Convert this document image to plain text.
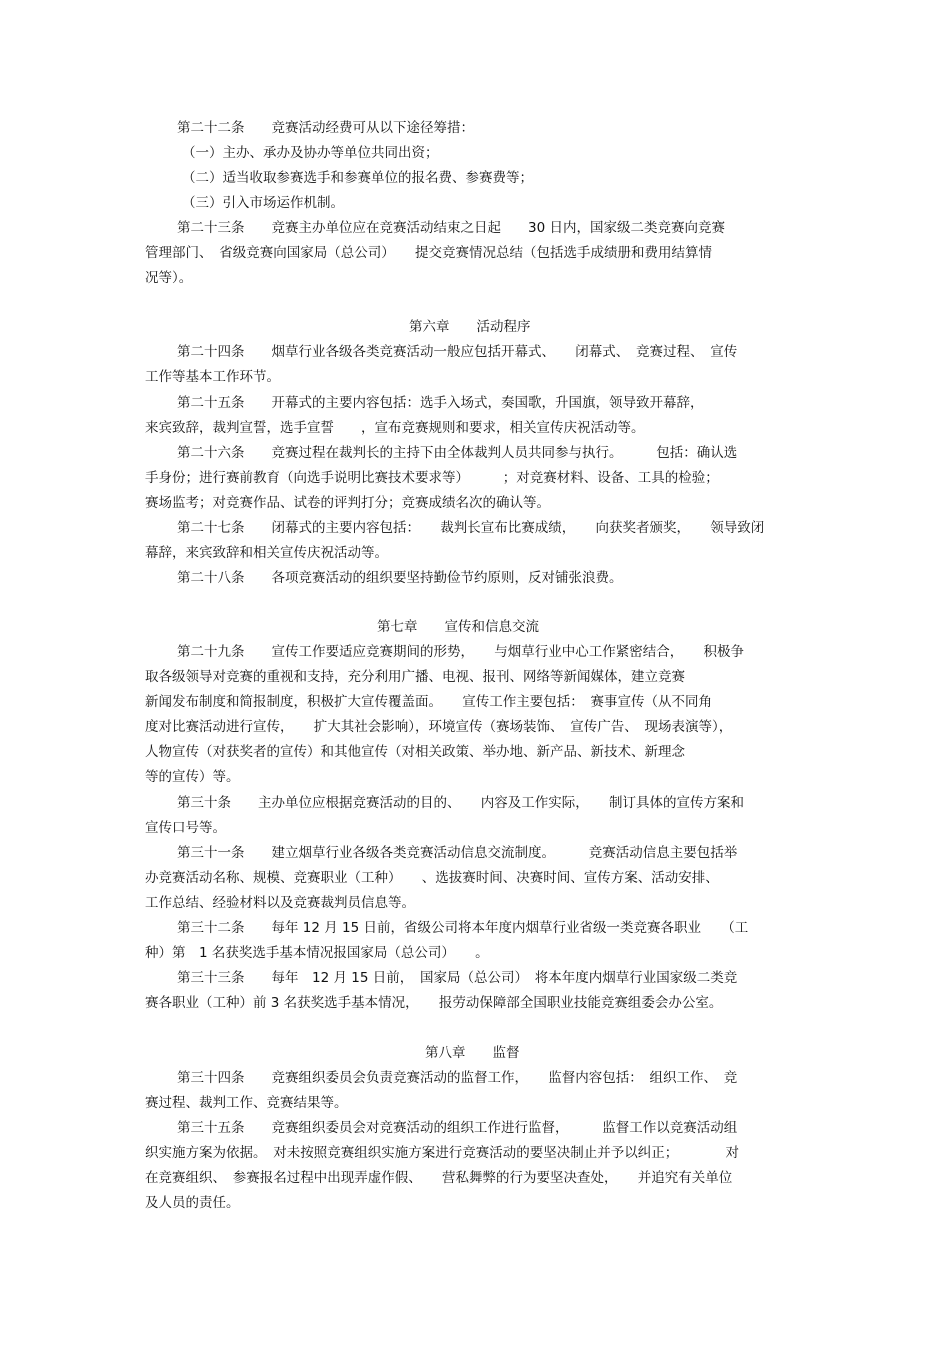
第二十二条　　竞赛活动经费可从以下途径筹措：
（一）主办、承办及协办等单位共同出资；
（二）适当收取参赛选手和参赛单位的报名费、参赛费等；
（三）引入市场运作机制。
第二十三条　　竞赛主办单位应在竞赛活动结束之日起　　30 日内，国家级二类竞赛向竞赛
管理部门、　省级竞赛向国家局（总公司）　　提交竞赛情况总结（包括选手成绩册和费用结算情
况等）。
第六章　　活动程序
第二十四条　　烟草行业各级各类竞赛活动一般应包括开幕式、　　闭幕式、　竞赛过程、　宣传
工作等基本工作环节。
第二十五条　　开幕式的主要内容包括：选手入场式，奏国歌，升国旗，领导致开幕辞，
来宾致辞，裁判宣誓，选手宣誓　　，宣布竞赛规则和要求，相关宣传庆祝活动等。
第二十六条　　竞赛过程在裁判长的主持下由全体裁判人员共同参与执行。　　　包括：确认选
手身份；进行赛前教育（向选手说明比赛技术要求等）　　　；对竞赛材料、设备、工具的检验；
赛场监考；对竞赛作品、试卷的评判打分；竞赛成绩名次的确认等。
第二十七条　　闭幕式的主要内容包括：　　裁判长宣布比赛成绩，　　向获奖者颁奖，　　领导致闭
幕辞，来宾致辞和相关宣传庆祝活动等。
第二十八条　　各项竞赛活动的组织要坚持勤俭节约原则，反对铺张浪费。
第七章　　宣传和信息交流
第二十九条　　宣传工作要适应竞赛期间的形势，　　与烟草行业中心工作紧密结合，　　积极争
取各级领导对竞赛的重视和支持，充分利用广播、电视、报刊、网络等新闻媒体，建立竞赛
新闻发布制度和简报制度，积极扩大宣传覆盖面。　　宣传工作主要包括：　赛事宣传（从不同角
度对比赛活动进行宣传，　　扩大其社会影响），环境宣传（赛场装饰、　宣传广告、　现场表演等），
人物宣传（对获奖者的宣传）和其他宣传（对相关政策、举办地、新产品、新技术、新理念
等的宣传）等。
第三十条　　主办单位应根据竞赛活动的目的、　　内容及工作实际，　　制订具体的宣传方案和
宣传口号等。
第三十一条　　建立烟草行业各级各类竞赛活动信息交流制度。　　　竞赛活动信息主要包括举
办竞赛活动名称、规模、竞赛职业（工种）　　、选拔赛时间、决赛时间、宣传方案、活动安排、
工作总结、经验材料以及竞赛裁判员信息等。
第三十二条　　每年 12 月 15 日前，省级公司将本年度内烟草行业省级一类竞赛各职业　　（工
种）第　1 名获奖选手基本情况报国家局（总公司）　　。
第三十三条　　每年　12 月 15 日前，　国家局（总公司）　将本年度内烟草行业国家级二类竞
赛各职业（工种）前 3 名获奖选手基本情况，　　报劳动保障部全国职业技能竞赛组委会办公室。
第八章　　监督
第三十四条　　竞赛组织委员会负责竞赛活动的监督工作，　　监督内容包括：　组织工作、　竞
赛过程、裁判工作、竞赛结果等。
第三十五条　　竞赛组织委员会对竞赛活动的组织工作进行监督，　　　监督工作以竞赛活动组
织实施方案为依据。　对未按照竞赛组织实施方案进行竞赛活动的要坚决制止并予以纠正；　　　　对
在竞赛组织、　参赛报名过程中出现弄虚作假、　　营私舞弊的行为要坚决查处，　　并追究有关单位
及人员的责任。
